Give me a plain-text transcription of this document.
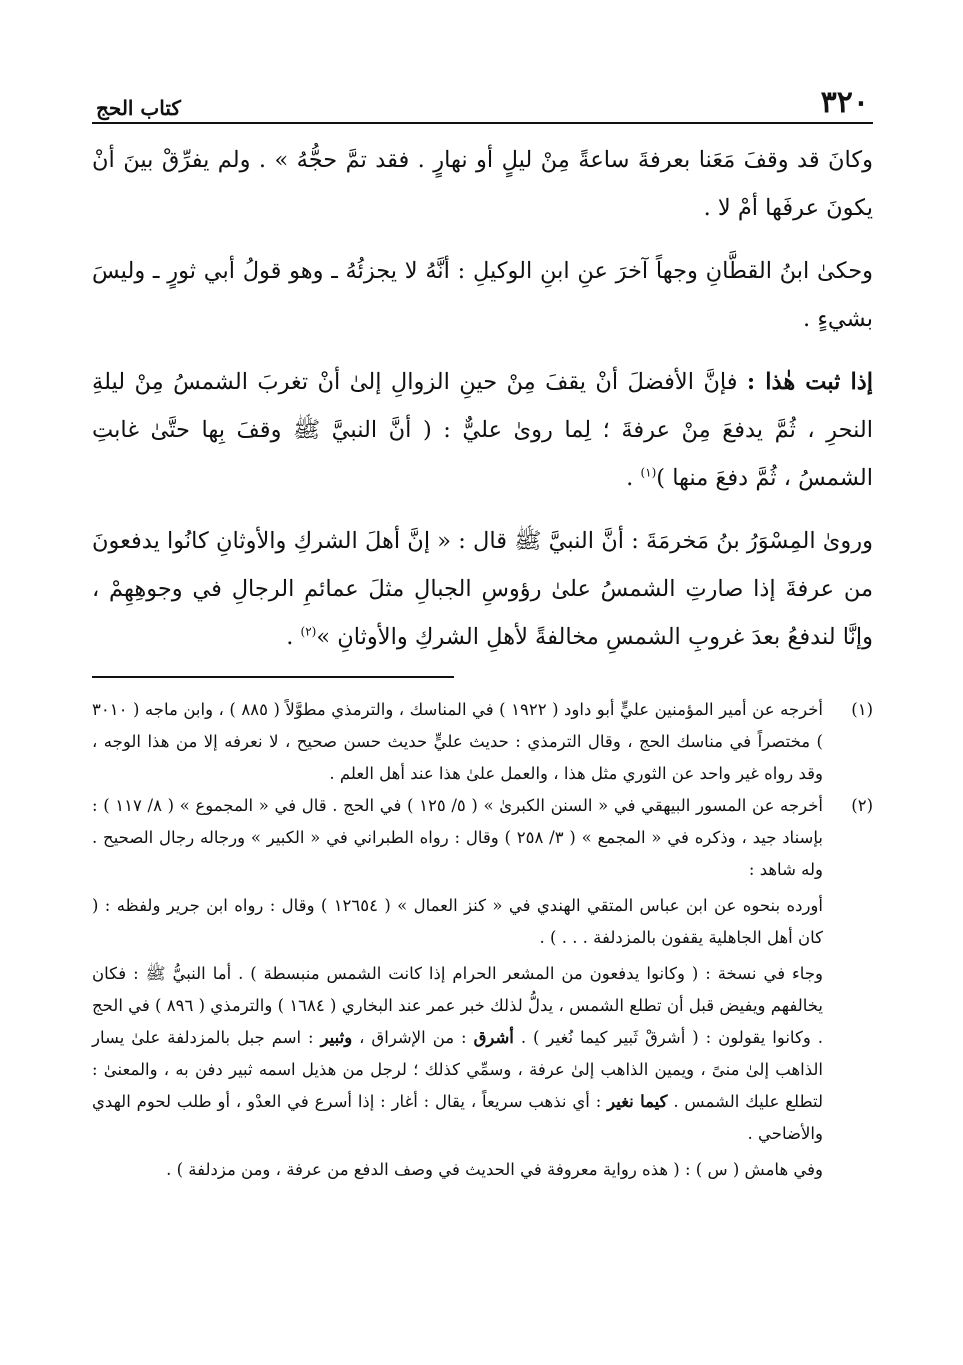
٣٢٠
كتاب الحج

وكانَ قد وقفَ مَعَنا بعرفةَ ساعةً مِنْ ليلٍ أو نهارٍ . فقد تمَّ حجُّهُ » . ولم يفرِّقْ بينَ أنْ يكونَ عرفَها أمْ لا .

وحكىٰ ابنُ القطَّانِ وجهاً آخرَ عنِ ابنِ الوكيلِ : أنَّهُ لا يجزئُهُ ـ وهو قولُ أبي ثورٍ ـ وليسَ بشيءٍ .

إذا ثبت هٰذا : فإنَّ الأفضلَ أنْ يقفَ مِنْ حينِ الزوالِ إلىٰ أنْ تغربَ الشمسُ مِنْ ليلةِ النحرِ ، ثُمَّ يدفعَ مِنْ عرفةَ ؛ لِما روىٰ عليٌّ : ( أنَّ النبيَّ ﷺ وقفَ بِها حتَّىٰ غابتِ الشمسُ ، ثُمَّ دفعَ منها )$^{(١)}$ .

وروىٰ المِسْوَرُ بنُ مَخرمَةَ : أنَّ النبيَّ ﷺ قال : « إنَّ أهلَ الشركِ والأوثانِ كانُوا يدفعونَ من عرفةَ إذا صارتِ الشمسُ علىٰ رؤوسِ الجبالِ مثلَ عمائمِ الرجالِ في وجوهِهِمْ ، وإنَّا لندفعُ بعدَ غروبِ الشمسِ مخالفةً لأهلِ الشركِ والأوثانِ »$^{(٢)}$ .

(١)

أخرجه عن أمير المؤمنين عليٍّ أبو داود ( ١٩٢٢ ) في المناسك ، والترمذي مطوَّلاً ( ٨٨٥ ) ، وابن ماجه ( ٣٠١٠ ) مختصراً في مناسك الحج ، وقال الترمذي : حديث عليٍّ حديث حسن صحيح ، لا نعرفه إلا من هذا الوجه ، وقد رواه غير واحد عن الثوري مثل هذا ، والعمل علىٰ هذا عند أهل العلم .

(٢)

أخرجه عن المسور البيهقي في « السنن الكبرىٰ » ( ٥/ ١٢٥ ) في الحج . قال في « المجموع » ( ٨/ ١١٧ ) : بإسناد جيد ، وذكره في « المجمع » ( ٣/ ٢٥٨ ) وقال : رواه الطبراني في « الكبير » ورجاله رجال الصحيح . وله شاهد :

أورده بنحوه عن ابن عباس المتقي الهندي في « كنز العمال » ( ١٢٦٥٤ ) وقال : رواه ابن جرير ولفظه : ( كان أهل الجاهلية يقفون بالمزدلفة . . . ) .

وجاء في نسخة : ( وكانوا يدفعون من المشعر الحرام إذا كانت الشمس منبسطة ) . أما النبيُّ ﷺ : فكان يخالفهم ويفيض قبل أن تطلع الشمس ، يدلُّ لذلك خبر عمر عند البخاري ( ١٦٨٤ ) والترمذي ( ٨٩٦ ) في الحج . وكانوا يقولون : ( أشرقْ ثَبير كيما نُغير ) . أشرق : من الإشراق ، وثبير : اسم جبل بالمزدلفة علىٰ يسار الذاهب إلىٰ منىً ، ويمين الذاهب إلىٰ عرفة ، وسمِّي كذلك ؛ لرجل من هذيل اسمه ثبير دفن به ، والمعنىٰ : لتطلع عليك الشمس . كيما نغير : أي نذهب سريعاً ، يقال : أغار : إذا أسرع في العدْو ، أو طلب لحوم الهدي والأضاحي .

وفي هامش ( س ) : ( هذه رواية معروفة في الحديث في وصف الدفع من عرفة ، ومن مزدلفة ) .
